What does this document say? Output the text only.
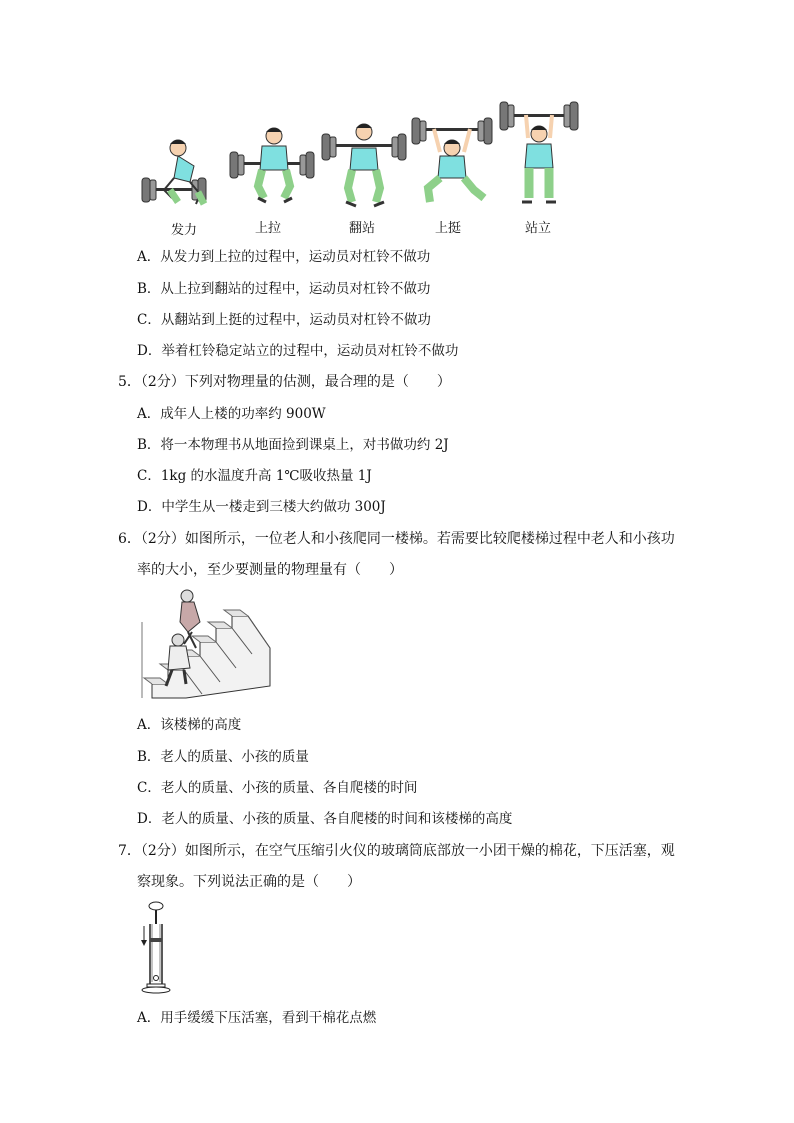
发力	上拉	翻站	上挺	站立
A．从发力到上拉的过程中，运动员对杠铃不做功
B．从上拉到翻站的过程中，运动员对杠铃不做功
C．从翻站到上挺的过程中，运动员对杠铃不做功
D．举着杠铃稳定站立的过程中，运动员对杠铃不做功
5．（2分）下列对物理量的估测，最合理的是（　　）
A．成年人上楼的功率约 900W
B．将一本物理书从地面捡到课桌上，对书做功约 2J
C．1kg 的水温度升高 1℃吸收热量 1J
D．中学生从一楼走到三楼大约做功 300J
6．（2分）如图所示，一位老人和小孩爬同一楼梯。若需要比较爬楼梯过程中老人和小孩功
率的大小，至少要测量的物理量有（　　）
A．该楼梯的高度
B．老人的质量、小孩的质量
C．老人的质量、小孩的质量、各自爬楼的时间
D．老人的质量、小孩的质量、各自爬楼的时间和该楼梯的高度
7．（2分）如图所示，在空气压缩引火仪的玻璃筒底部放一小团干燥的棉花，下压活塞，观
察现象。下列说法正确的是（　　）
A．用手缓缓下压活塞，看到干棉花点燃
